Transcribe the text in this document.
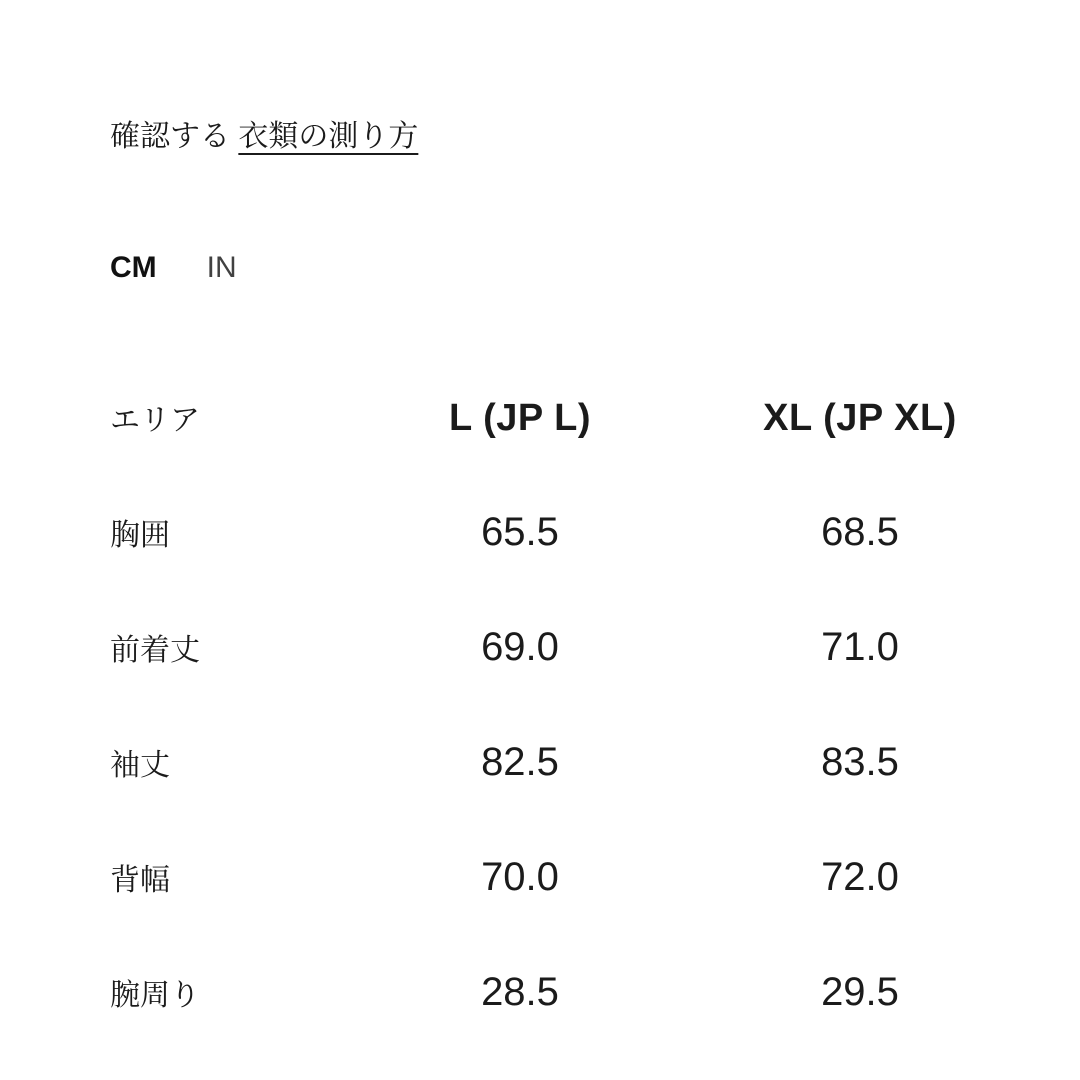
確認する 衣類の測り方
CM IN
エリア	L (JP L)	XL (JP XL)
胸囲	65.5	68.5
前着丈	69.0	71.0
袖丈	82.5	83.5
背幅	70.0	72.0
腕周り	28.5	29.5
